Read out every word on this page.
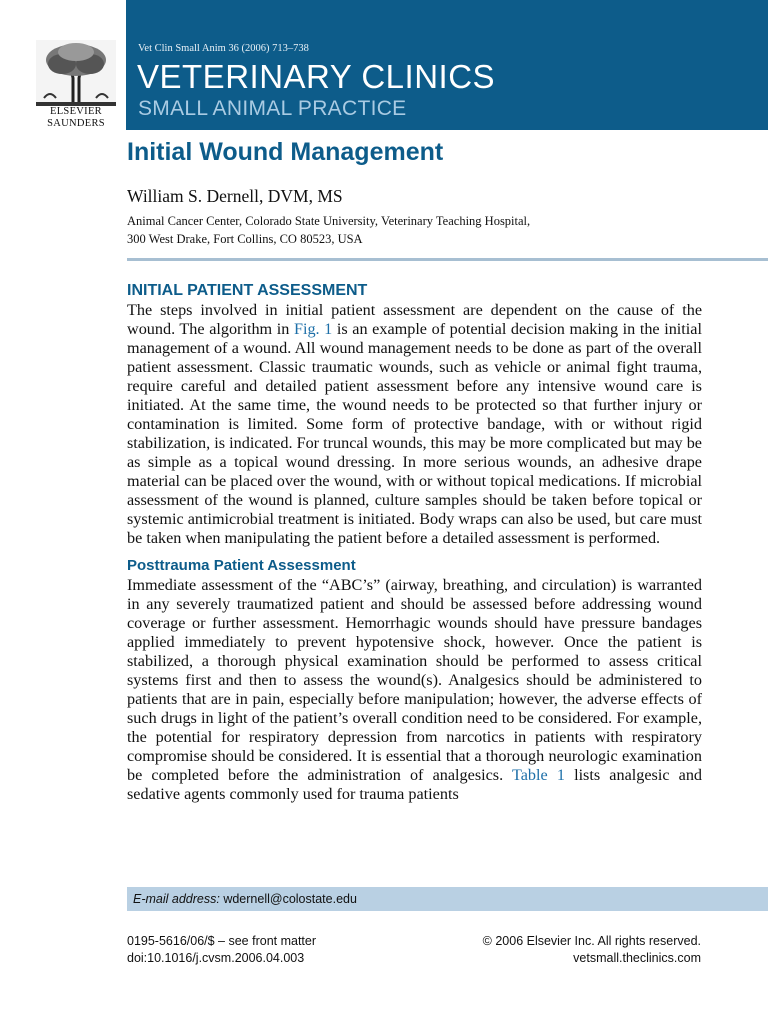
ELSEVIER
SAUNDERS
Vet Clin Small Anim 36 (2006) 713–738
VETERINARY CLINICS
SMALL ANIMAL PRACTICE
Initial Wound Management
William S. Dernell, DVM, MS
Animal Cancer Center, Colorado State University, Veterinary Teaching Hospital,
300 West Drake, Fort Collins, CO 80523, USA
INITIAL PATIENT ASSESSMENT

The steps involved in initial patient assessment are dependent on the cause of the wound. The algorithm in Fig. 1 is an example of potential decision making in the initial management of a wound. All wound management needs to be done as part of the overall patient assessment. Classic traumatic wounds, such as vehicle or animal fight trauma, require careful and detailed patient assessment before any intensive wound care is initiated. At the same time, the wound needs to be protected so that further injury or contamination is limited. Some form of protective bandage, with or without rigid stabilization, is indicated. For truncal wounds, this may be more complicated but may be as simple as a topical wound dressing. In more serious wounds, an adhesive drape material can be placed over the wound, with or without topical medications. If microbial assessment of the wound is planned, culture samples should be taken before topical or systemic antimicrobial treatment is initiated. Body wraps can also be used, but care must be taken when manipulating the patient before a detailed assessment is performed.

Posttrauma Patient Assessment

Immediate assessment of the “ABC’s” (airway, breathing, and circulation) is warranted in any severely traumatized patient and should be assessed before addressing wound coverage or further assessment. Hemorrhagic wounds should have pressure bandages applied immediately to prevent hypotensive shock, however. Once the patient is stabilized, a thorough physical examination should be performed to assess critical systems first and then to assess the wound(s). Analgesics should be administered to patients that are in pain, especially before manipulation; however, the adverse effects of such drugs in light of the patient’s overall condition need to be considered. For example, the potential for respiratory depression from narcotics in patients with respiratory compromise should be considered. It is essential that a thorough neurologic examination be completed before the administration of analgesics. Table 1 lists analgesic and sedative agents commonly used for trauma patients

E-mail address: wdernell@colostate.edu
0195-5616/06/$ – see front matter
doi:10.1016/j.cvsm.2006.04.003
© 2006 Elsevier Inc. All rights reserved.
vetsmall.theclinics.com
